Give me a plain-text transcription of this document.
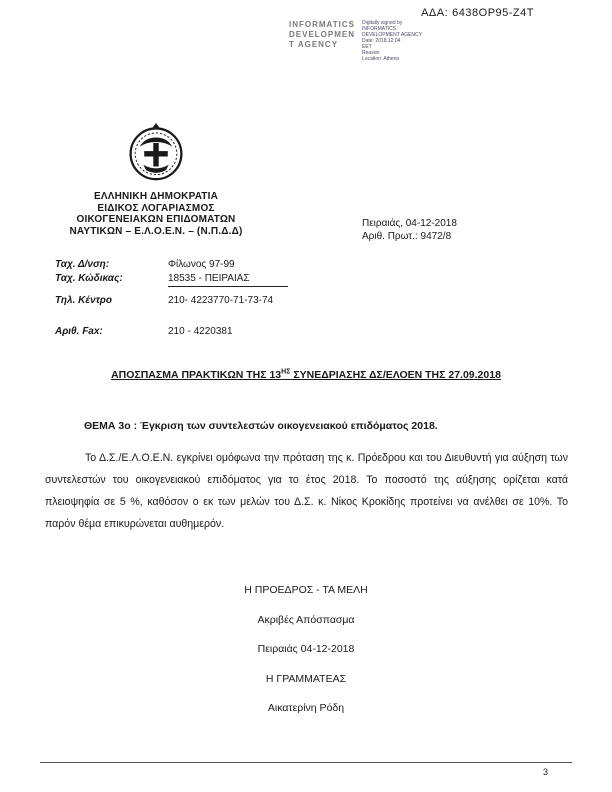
ΑΔΑ: 6438ΟΡ95-Ζ4Τ
INFORMATICS
DEVELOPMEN
T AGENCY
Digitally signed by
INFORMATICS
DEVELOPMENT AGENCY
Date: 2018.12.04
EET
Reason:
Location: Athens
ΕΛΛΗΝΙΚΗ ΔΗΜΟΚΡΑΤΙΑ
ΕΙΔΙΚΟΣ ΛΟΓΑΡΙΑΣΜΟΣ
ΟΙΚΟΓΕΝΕΙΑΚΩΝ ΕΠΙΔΟΜΑΤΩΝ
ΝΑΥΤΙΚΩΝ – Ε.Λ.Ο.Ε.Ν. – (Ν.Π.Δ.Δ)
Πειραιάς, 04-12-2018
Αριθ. Πρωτ.: 9472/8
Ταχ. Δ/νση:	Φίλωνος 97-99
Ταχ. Κώδικας:	18535 - ΠΕΙΡΑΙΑΣ
Τηλ. Κέντρο	210- 4223770-71-73-74
Αριθ. Fax:	210 - 4220381
ΑΠΟΣΠΑΣΜΑ ΠΡΑΚΤΙΚΩΝ ΤΗΣ $13^{H\Sigma}$ ΣΥΝΕΔΡΙΑΣΗΣ ΔΣ/ΕΛΟΕΝ ΤΗΣ 27.09.2018
ΘΕΜΑ 3ο : Έγκριση των συντελεστών οικογενειακού επιδόματος 2018.
Το Δ.Σ./Ε.Λ.Ο.Ε.Ν. εγκρίνει ομόφωνα την πρόταση της κ. Πρόεδρου και του Διευθυντή για αύξηση των συντελεστών του οικογενειακού επιδόματος για το έτος 2018. Το ποσοστό της αύξησης ορίζεται κατά πλειοψηφία σε 5 %, καθόσον ο εκ των μελών του Δ.Σ. κ. Νίκος Κροκίδης προτείνει να ανέλθει σε 10%. Το παρόν θέμα επικυρώνεται αυθημερόν.
Η ΠΡΟΕΔΡΟΣ - ΤΑ ΜΕΛΗ
Ακριβές Απόσπασμα
Πειραιάς 04-12-2018
Η ΓΡΑΜΜΑΤΕΑΣ
Αικατερίνη Ρόδη
3
